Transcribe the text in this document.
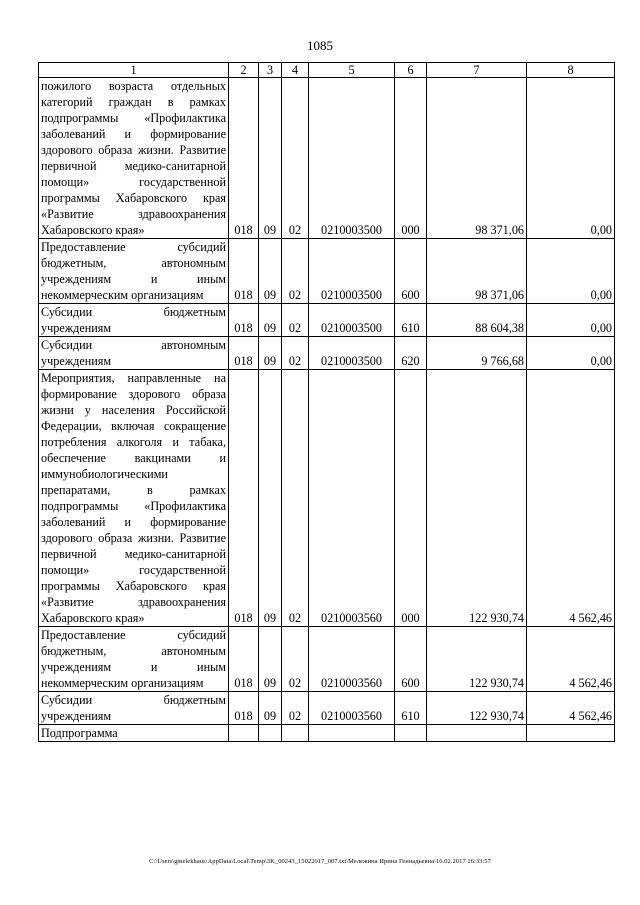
1085
1	2	3	4	5	6	7	8
пожилого возраста отдельных категорий граждан в рамках подпрограммы «Профилактика заболеваний и формирование здорового образа жизни. Развитие первичной медико-санитарной помощи» государственной программы Хабаровского края «Развитие здравоохранения Хабаровского края»	018	09	02	0210003500	000	98 371,06	0,00
Предоставление субсидий бюджетным, автономным учреждениям и иным некоммерческим организациям	018	09	02	0210003500	600	98 371,06	0,00
Субсидии бюджетным учреждениям	018	09	02	0210003500	610	88 604,38	0,00
Субсидии автономным учреждениям	018	09	02	0210003500	620	9 766,68	0,00
Мероприятия, направленные на формирование здорового образа жизни у населения Российской Федерации, включая сокращение потребления алкоголя и табака, обеспечение вакцинами и иммунобиологическими препаратами, в рамках подпрограммы «Профилактика заболеваний и формирование здорового образа жизни. Развитие первичной медико-санитарной помощи» государственной программы Хабаровского края «Развитие здравоохранения Хабаровского края»	018	09	02	0210003560	000	122 930,74	4 562,46
Предоставление субсидий бюджетным, автономным учреждениям и иным некоммерческим организациям	018	09	02	0210003560	600	122 930,74	4 562,46
Субсидии бюджетным учреждениям	018	09	02	0210003560	610	122 930,74	4 562,46
Подпрограмма							
C:\Users\gmelekhaus\AppData\Local\Temp\3K_00243_15022017_007.txt\Мележина Ирина Геннадьевна\16.02.2017 16:33:57
